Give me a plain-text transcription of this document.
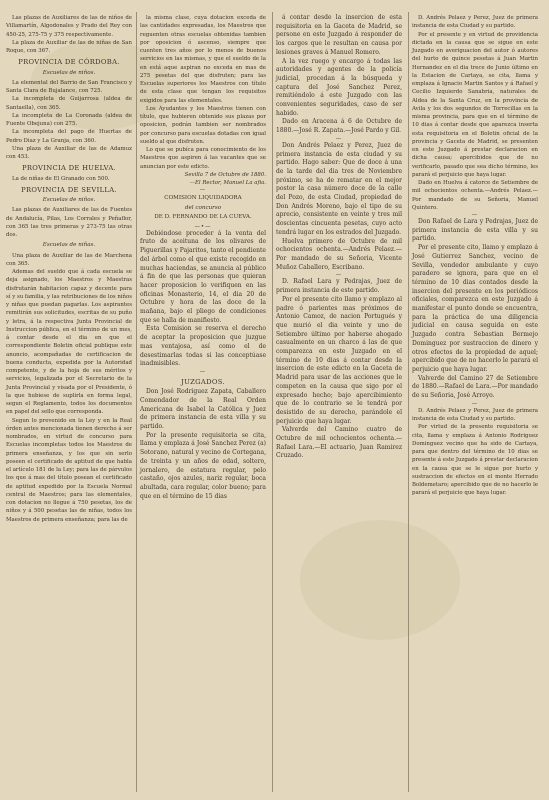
Las plazas de Auxiliares de las de niños de Villamartín, Algodonales y Prado del Rey con 450-25, 275-75 y 375 respectivamente.

La plaza de Auxiliar de las de niñas de San Roque, con 367.

PROVINCIA DE CÓRDOBA.
Escuelas de niños.

La elemental del Barrio de San Francisco y Santa Clara de Bujalance, con 725.

La incompleta de Guijarrosa (aldea de Santaella), con 365.

La incompleta de La Coronada (aldea de Fuente Obejuna) con 275.

La incompleta del pago de Huertas de Pedro Diaz y La Granja, con 360.

Una plaza de Auxiliar de las de Adamuz con 453.

PROVINCIA DE HUELVA.

La de niñas de El Granado con 500.

PROVINCIA DE SEVILLA.
Escuelas de niños.

Las plazas de Auxiliares de las de Fuentes de Andalucía, Pilas, Los Corrales y Peñaflor, con 365 las tres primeras y 273-75 las otras dos.

Escuelas de niñas.

Una plaza de Auxiliar de las de Marchena con 365.

Ademas del sueldo que á cada escuela se deja asignado, los Maestros y Maestras disfrutarán habitacion capaz y decente para sí y su familia, y las retribuciones de los niños y niñas que puedan pagarlas. Los aspirantes remitirán sus solicitudes, escritas de su puño y letra, á la respectiva Junta Provincial de Instruccion pública, en el término de un mes, á contar desde el dia en que el correspondiente Boletin oficial publique este anuncio, acompañadas de certificacion de buena conducta, expedida por la Autoridad competente, y de la hoja de sus méritos y servicios, legalizada por el Secretario de la Junta Provincial y visada por el Presidente, ó la que hubiese de suplirla en forma legal, segun el Reglamento, todos los documentos en papel del sello que corresponda.

Segun lo prevenido en la Ley y en la Real órden antes mencionada tienen derecho á ser nombrados, en virtud de concurso para Escuelas incompletas todos los Maestros de primera enseñanza, y los que sin serlo poseen el certificado de aptitud de que habla el artículo 181 de la Ley; para las de párvulos los que á mas del título posean el certificado de aptitud expedido por la Escuela Normal central de Maestros; para las elementales, con dotacion no llegue á 750 pesetas, los de niños y á 500 pesetas las de niñas, todos los Maestros de primera enseñanza; para las de

la misma clase, cuya dotacion exceda de las cantidades expresadas, los Maestros que reguenten otras escuelas obtenidas tambien por oposicion ó ascenso, siempre que cuenten tres años por lo menos de buenos servicios en las mismas, y que el sueldo de la en está aque aspiran no exceda en mas de 275 pesetas del que disfruten; para las Escuelas superiores los Maestros con título de esta clase que tengan los requisitos exigidos para las elementales.

Los Ayudantes y los Maestros tienen con título, que hubieren obtenido sus plazas por oposicion, podrán tambien ser nombrados por concurso para escuelas dotadas con igual sueldo al que disfruten.

Lo que se pubíca para conocimiento de los Maestros que aspiren á las vacantes que se anuncian por este edicto.

Sevilla 7 de Octubre de 1880.

—El Rector, Manuel La afia.

—

COMISION LIQUIDADORA

del concurso

DE D. FERNANDO DE LA CUEVA.

—•—

Debiéndose proceder á la venta del fruto de aceituna de los olivares de Piguerillas y Pajaritos, tanto el pendiente del árbol como el que existe recogido en muchas haciendas, se anuncia al público á fin de que las personas que quieran hacer proposicion lo verifiquen en las oficinas Monasterio, 14, el dia 20 de Octubre y hora de las doce de la mañana, bajo el pliego de condiciones que se halla de manifiesto.

Esta Comision se reserva el derecho de aceptar la proposicion que juzgue mas ventajosa, así como el de desestimarlas todas si las conceptúase inadmisibles.

—
JUZGADOS.

Don José Rodriguez Zapata, Caballero Comendador de la Real Orden Americana de Isabel la Católica y Juez de primera instancia de esta villa y su partido.

Por la presente requisitoria se cita, llama y emplaza á José Sanchez Perez (a) Sotorano, natural y vecino de Cortegana, de treinta y un años de edad, soltero, jornalero, de estatura regular, pelo castaño, ojos azules, nariz regular, boca abultada, cara regular, color bueno; para que en el término de 15 dias

á contar desde la insercion de esta requisitoria en la Gaceta de Madrid, se persone en este Juzgado á responder de los cargos que le resultan en causa por lesiones graves á Manuel Romero.

A la vez ruego y encargo á todas las autoridades y agentes de la policía judicial, procedan á la búsqueda y captura del José Sanchez Perez, remitiéndolo á este Juzgado con las convenientes seguridades, caso de ser habido.

Dado en Aracena á 6 de Octubre de 1880.—José R. Zapata.—José Pardo y Gil.

—

Don Andrés Pelaez y Perez, Juez de primera instancia de esta ciudad y su partido. Hago saber: Que de doce á una de la tarde del dia tres de Noviembre próximo, se ha de rematar en el mejor postor la casa número doce de la calle del Pozo, de esta Ciudad, propiedad de Don Andrés Moreno, bajo el tipo de su aprecio, consistente en veinte y tres mil doscientas cincuenta pesetas, cuyo acto tendrá lugar en los estrados del Juzgado.

Huelva primero de Octubre de mil ochocientos ochenta.—Andrés Pelaez.—Por mandado de su Señoria, Vicente Muñoz Caballero, Escribano.

—

D. Rafael Lara y Pedrajas, Juez de primera instancia de este partido.

Por el presente cito llamo y emplazo al padre ó parientes mas próximos de Antonio Camoz, de nacion Portugués y que murió el dia veinte y uno de Setiembre último por haberse ahogado casualmente en un charco á las de que comparezca en este Juzgado en el término de 10 dias á contar desde la insercion de este edicto en la Gaceta de Madrid para usar de las acciones que le competen en la causa que sigo por el expresado hecho; bajo apercibimiento que de lo contrario se le tendrá por desistido de su derecho, parándole el perjuicio que haya lugar.

Valverde del Camino cuatro de Octubre de mil ochocientos ochenta.—Rafael Lara.—El actuario, Juan Ramirez Cruzado.

D. Andrés Pelaez y Perez, Juez de primera instancia de esta Ciudad y su partido.

Por el presente y en virtud de providencia dictada en la causa que se sigue en este Juzgado en averiguacion del autor ó autores del hurto de quince pesetas á Juan Martin Hernandez en el dia trece de Junio último en la Estacion de Cartaya, se cita, llama y emplaza á Ignacio Martin Santos y á Rafael y Cecilio Izquierdo Sanabria, naturales de Aldea de la Santa Cruz, en la provincia de Avila y los dos segundos de Torrecillas en la misma provincia, para que en el término de 10 dias á contar desde que aparezca inserta esta requisitoria en el Boletin oficial de la provincia y Gaceta de Madrid, se presenten en este Juzgado á prestar declaracion en dicha causa; apercibidos que de no verificarlo, pasado que sea dicho término, les parará el perjuicio que haya lugar.

Dado en Huelva á catorce de Setiembre de mil ochocientos ochenta.—Andrés Pelaez.—Por mandado de su Señoria, Manuel Quintero.

—

Don Rafael de Lara y Pedrajas, Juez de primera instancia de esta villa y su partido.

Por el presente cito, llamo y emplazo á José Gutierrez Sanchez, vecino de Sevilla, vendedor ambulante y cuyo paradero se ignora, para que en el término de 10 dias contados desde la insercion del presente en los periódicos oficiales, comparezca en este Juzgado á manifestar el punto donde se encuentra, para la práctica de una diligencia judicial en causa seguida en este Juzgado contra Sebastian Bermejo Dominguez por sustraccion de dinero y otros efectos de la propiedad de aquel; apercibido que de no hacerlo le parará el perjuicio que haya lugar.

Valverde del Camino 27 de Setiembre de 1880.—Rafael de Lara.—Por mandado de su Señoria, José Arroyo.

—

D. Andrés Pelaez y Perez, Juez de primera instancia de esta Ciudad y su partido.

Por virtud de la presente requisitoria se cita, llama y emplaza á Antonio Rodriguez Dominguez vecino que ha sido de Cartaya, para que dentro del término de 10 dias se presente á este Juzgado á prestar declaracion en la causa que se le sigue por hurto y sustraccion de efectos en el monte Herrado Boldemetaro; apercibido que de no hacerlo le parará el perjuicio que haya lugar.
